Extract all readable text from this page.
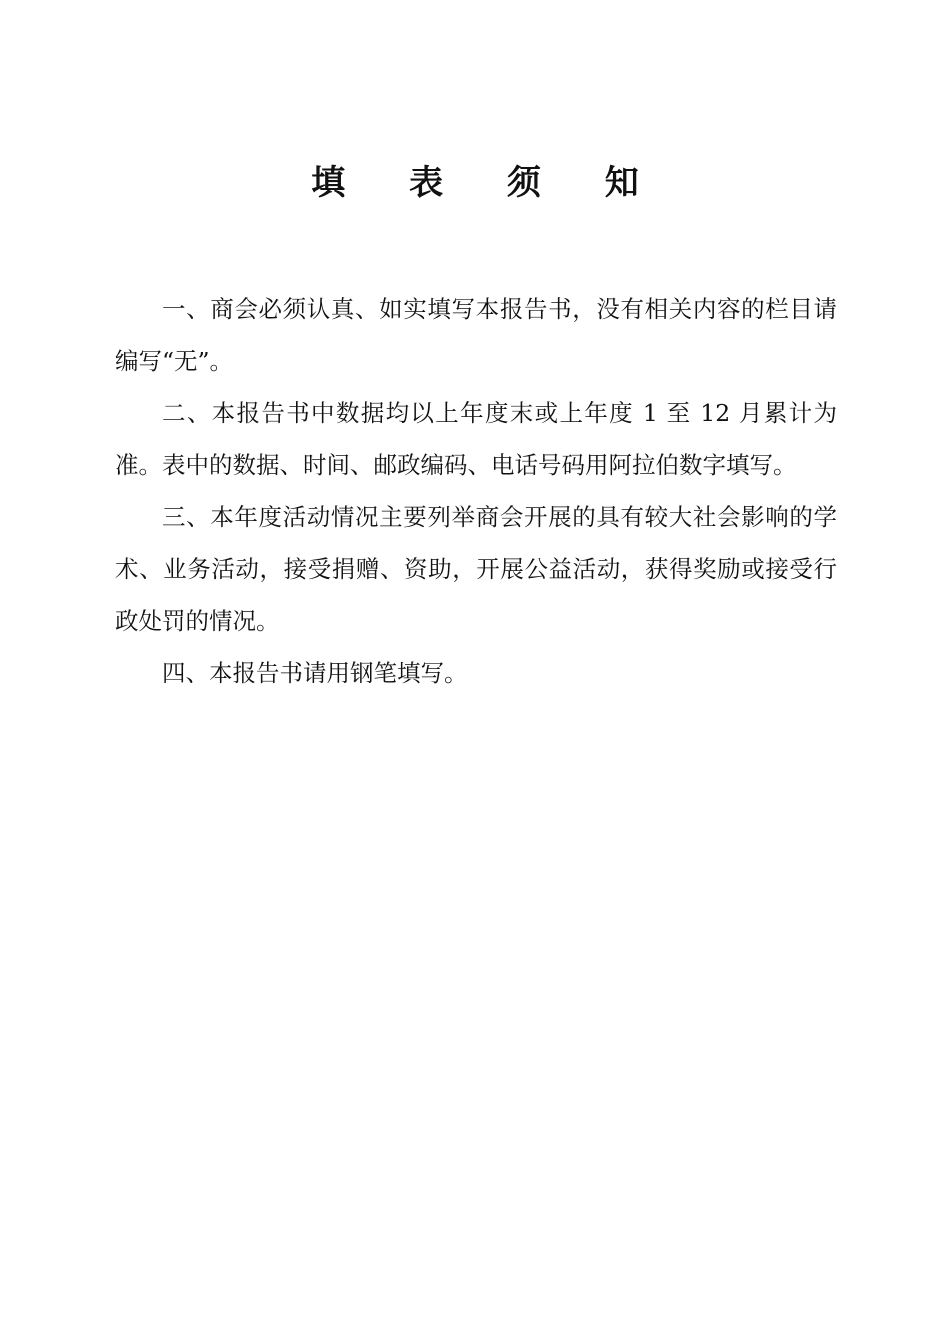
填 表 须 知

一、商会必须认真、如实填写本报告书，没有相关内容的栏目请编写“无”。

二、本报告书中数据均以上年度末或上年度 1 至 12 月累计为准。表中的数据、时间、邮政编码、电话号码用阿拉伯数字填写。

三、本年度活动情况主要列举商会开展的具有较大社会影响的学术、业务活动，接受捐赠、资助，开展公益活动，获得奖励或接受行政处罚的情况。

四、本报告书请用钢笔填写。
